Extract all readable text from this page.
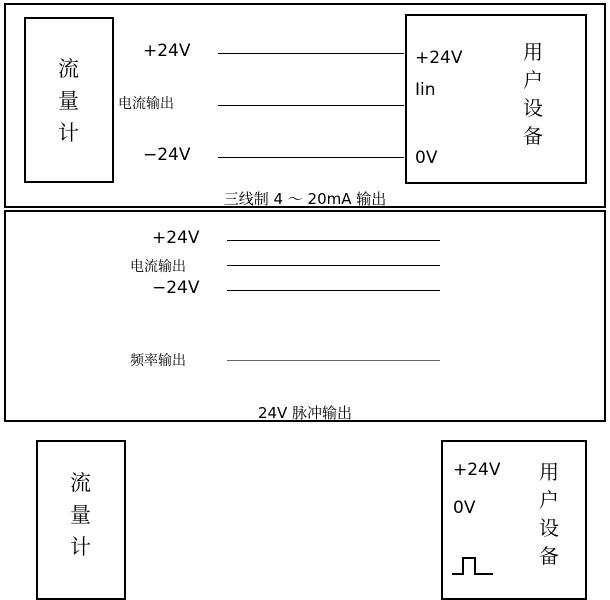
流
量
计
用
户
设
备
+24V
Ⅰin
0V
+24V
电流输出
−24V
三线制 4 ～ 20mA 输出
流
量
计
用
户
设
备
+24V
0V
+24V
电流输出
−24V
频率输出
24V 脉冲输出
